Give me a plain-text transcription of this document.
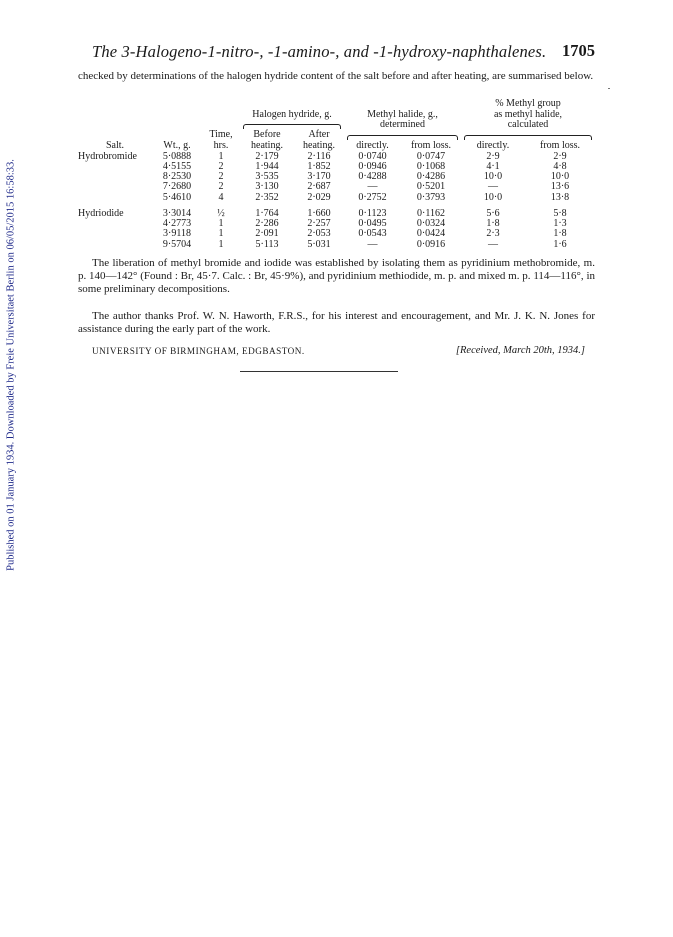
Published on 01 January 1934. Downloaded by Freie Universitaet Berlin on 06/05/2015 16:58:33.
The 3-Halogeno-1-nitro-, -1-amino-, and -1-hydroxy-naphthalenes. 1705
checked by determinations of the halogen hydride content of the salt before and after heating, are summarised below.
							% Methyl group	
			Halogen hydride, g.		Methyl halide, g.,		as methyl halide,	

		determined		calculated	
		Time,	Before	After			

Salt.	Wt., g.	hrs.	heating.	heating.	directly.	from loss.	directly.	from loss.
Hydrobromide	5·0888	1	2·179	2·116	0·0740	0·0747	2·9	2·9
	4·5155	2	1·944	1·852	0·0946	0·1068	4·1	4·8
	8·2530	2	3·535	3·170	0·4288	0·4286	10·0	10·0
	7·2680	2	3·130	2·687	—	0·5201	—	13·6
	5·4610	4	2·352	2·029	0·2752	0·3793	10·0	13·8
Hydriodide	3·3014	½	1·764	1·660	0·1123	0·1162	5·6	5·8
	4·2773	1	2·286	2·257	0·0495	0·0324	1·8	1·3
	3·9118	1	2·091	2·053	0·0543	0·0424	2·3	1·8
	9·5704	1	5·113	5·031	—	0·0916	—	1·6
The liberation of methyl bromide and iodide was established by isolating them as pyridinium methobromide, m. p. 140—142° (Found : Br, 45·7. Calc. : Br, 45·9%), and pyridinium methiodide, m. p. and mixed m. p. 114—116°, in some preliminary decompositions.
The author thanks Prof. W. N. Haworth, F.R.S., for his interest and encouragement, and Mr. J. K. N. Jones for assistance during the early part of the work.
UNIVERSITY OF BIRMINGHAM, EDGBASTON.	[Received, March 20th, 1934.]
